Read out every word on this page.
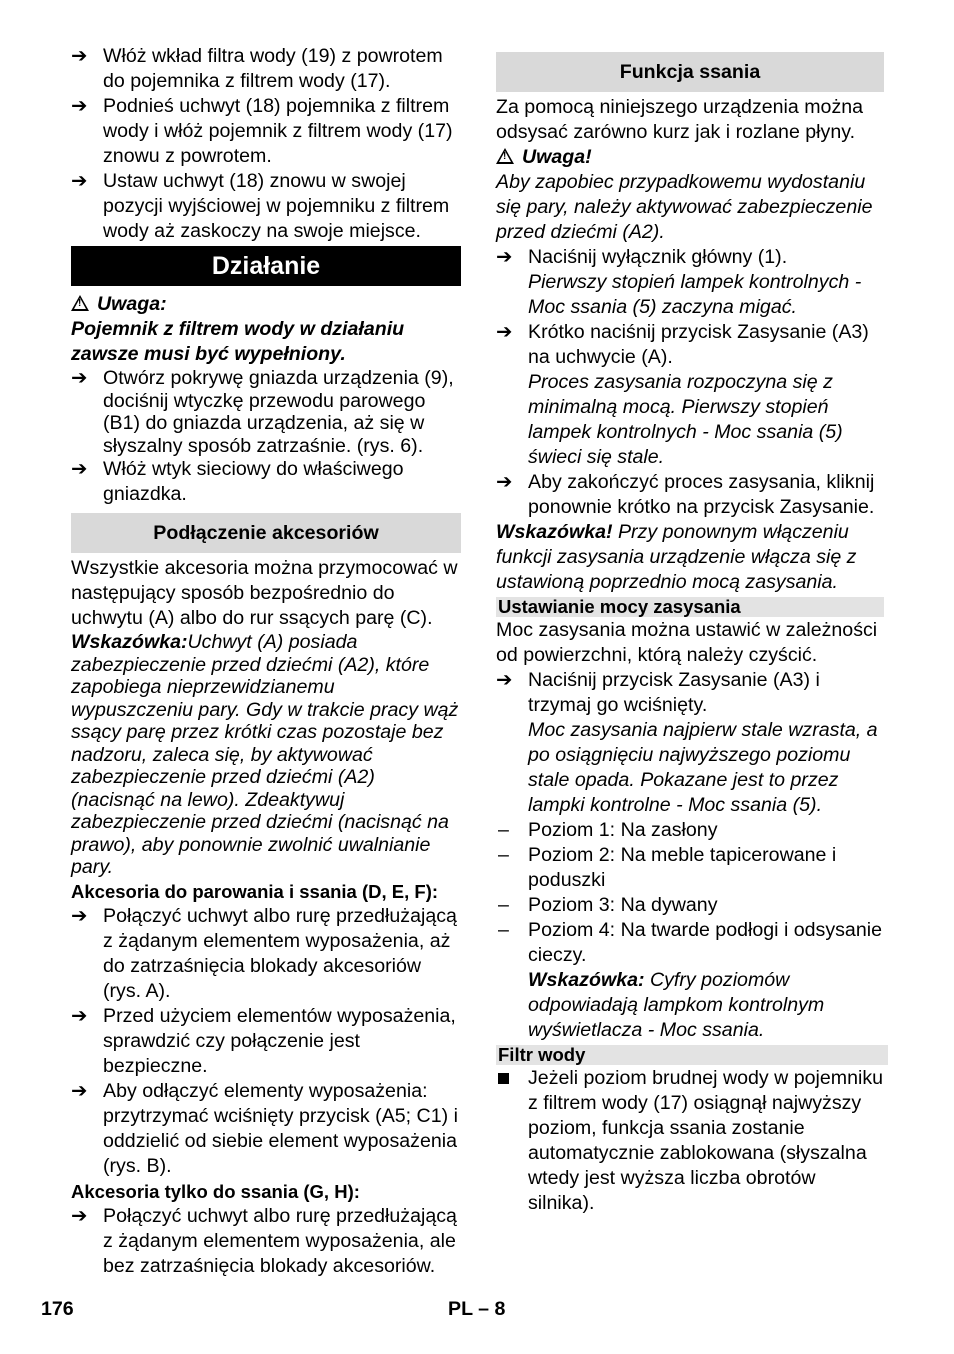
➔ Włóż wkład filtra wody (19) z powrotem do pojemnika z filtrem wody (17).
➔ Podnieś uchwyt (18) pojemnika z filtrem wody i włóż pojemnik z filtrem wody (17) znowu z powrotem.
➔ Ustaw uchwyt (18) znowu w swojej pozycji wyjściowej w pojemniku z filtrem wody aż zaskoczy na swoje miejsce.
Działanie
!Uwaga:
Pojemnik z filtrem wody w działaniu zawsze musi być wypełniony.
➔ Otwórz pokrywę gniazda urządzenia (9), dociśnij wtyczkę przewodu parowego (B1) do gniazda urządzenia, aż się w słyszalny sposób zatrzaśnie. (rys. 6).
➔ Włóż wtyk sieciowy do właściwego gniazdka.
Podłączenie akcesoriów
Wszystkie akcesoria można przymocować w następujący sposób bezpośrednio do uchwytu (A) albo do rur ssących parę (C).
Wskazówka:Uchwyt (A) posiada zabezpieczenie przed dziećmi (A2), które zapobiega nieprzewidzianemu wypuszczeniu pary. Gdy w trakcie pracy wąż ssący parę przez krótki czas pozostaje bez nadzoru, zaleca się, by aktywować zabezpieczenie przed dziećmi (A2) (nacisnąć na lewo). Zdeaktywuj zabezpieczenie przed dziećmi (nacisnąć na prawo), aby ponownie zwolnić uwalnianie pary.
Akcesoria do parowania i ssania (D, E, F):
➔ Połączyć uchwyt albo rurę przedłużającą z żądanym elementem wyposażenia, aż do zatrzaśnięcia blokady akcesoriów (rys. A).
➔ Przed użyciem elementów wyposażenia, sprawdzić czy połączenie jest bezpieczne.
➔ Aby odłączyć elementy wyposażenia: przytrzymać wciśnięty przycisk (A5; C1) i oddzielić od siebie element wyposażenia (rys. B).
Akcesoria tylko do ssania (G, H):
➔ Połączyć uchwyt albo rurę przedłużającą z żądanym elementem wyposażenia, ale bez zatrzaśnięcia blokady akcesoriów.
Funkcja ssania
Za pomocą niniejszego urządzenia można odsysać zarówno kurz jak i rozlane płyny.
!Uwaga!
Aby zapobiec przypadkowemu wydostaniu się pary, należy aktywować zabezpieczenie przed dziećmi (A2).
➔ Naciśnij wyłącznik główny (1).
Pierwszy stopień lampek kontrolnych - Moc ssania (5) zaczyna migać.
➔ Krótko naciśnij przycisk Zasysanie (A3) na uchwycie (A).
Proces zasysania rozpoczyna się z minimalną mocą. Pierwszy stopień lampek kontrolnych - Moc ssania (5) świeci się stale.
➔ Aby zakończyć proces zasysania, kliknij ponownie krótko na przycisk Zasysanie.
Wskazówka! Przy ponownym włączeniu funkcji zasysania urządzenie włącza się z ustawioną poprzednio mocą zasysania.
Ustawianie mocy zasysania
Moc zasysania można ustawić w zależności od powierzchni, którą należy czyścić.
➔ Naciśnij przycisk Zasysanie (A3) i trzymaj go wciśnięty.
Moc zasysania najpierw stale wzrasta, a po osiągnięciu najwyższego poziomu stale opada. Pokazane jest to przez lampki kontrolne - Moc ssania (5).
– Poziom 1: Na zasłony
– Poziom 2: Na meble tapicerowane i poduszki
– Poziom 3: Na dywany
– Poziom 4: Na twarde podłogi i odsysanie cieczy.
Wskazówka: Cyfry poziomów odpowiadają lampkom kontrolnym wyświetlacza - Moc ssania.
Filtr wody
Jeżeli poziom brudnej wody w pojemniku z filtrem wody (17) osiągnął najwyższy poziom, funkcja ssania zostanie automatycznie zablokowana (słyszalna wtedy jest wyższa liczba obrotów silnika).
176	PL – 8
